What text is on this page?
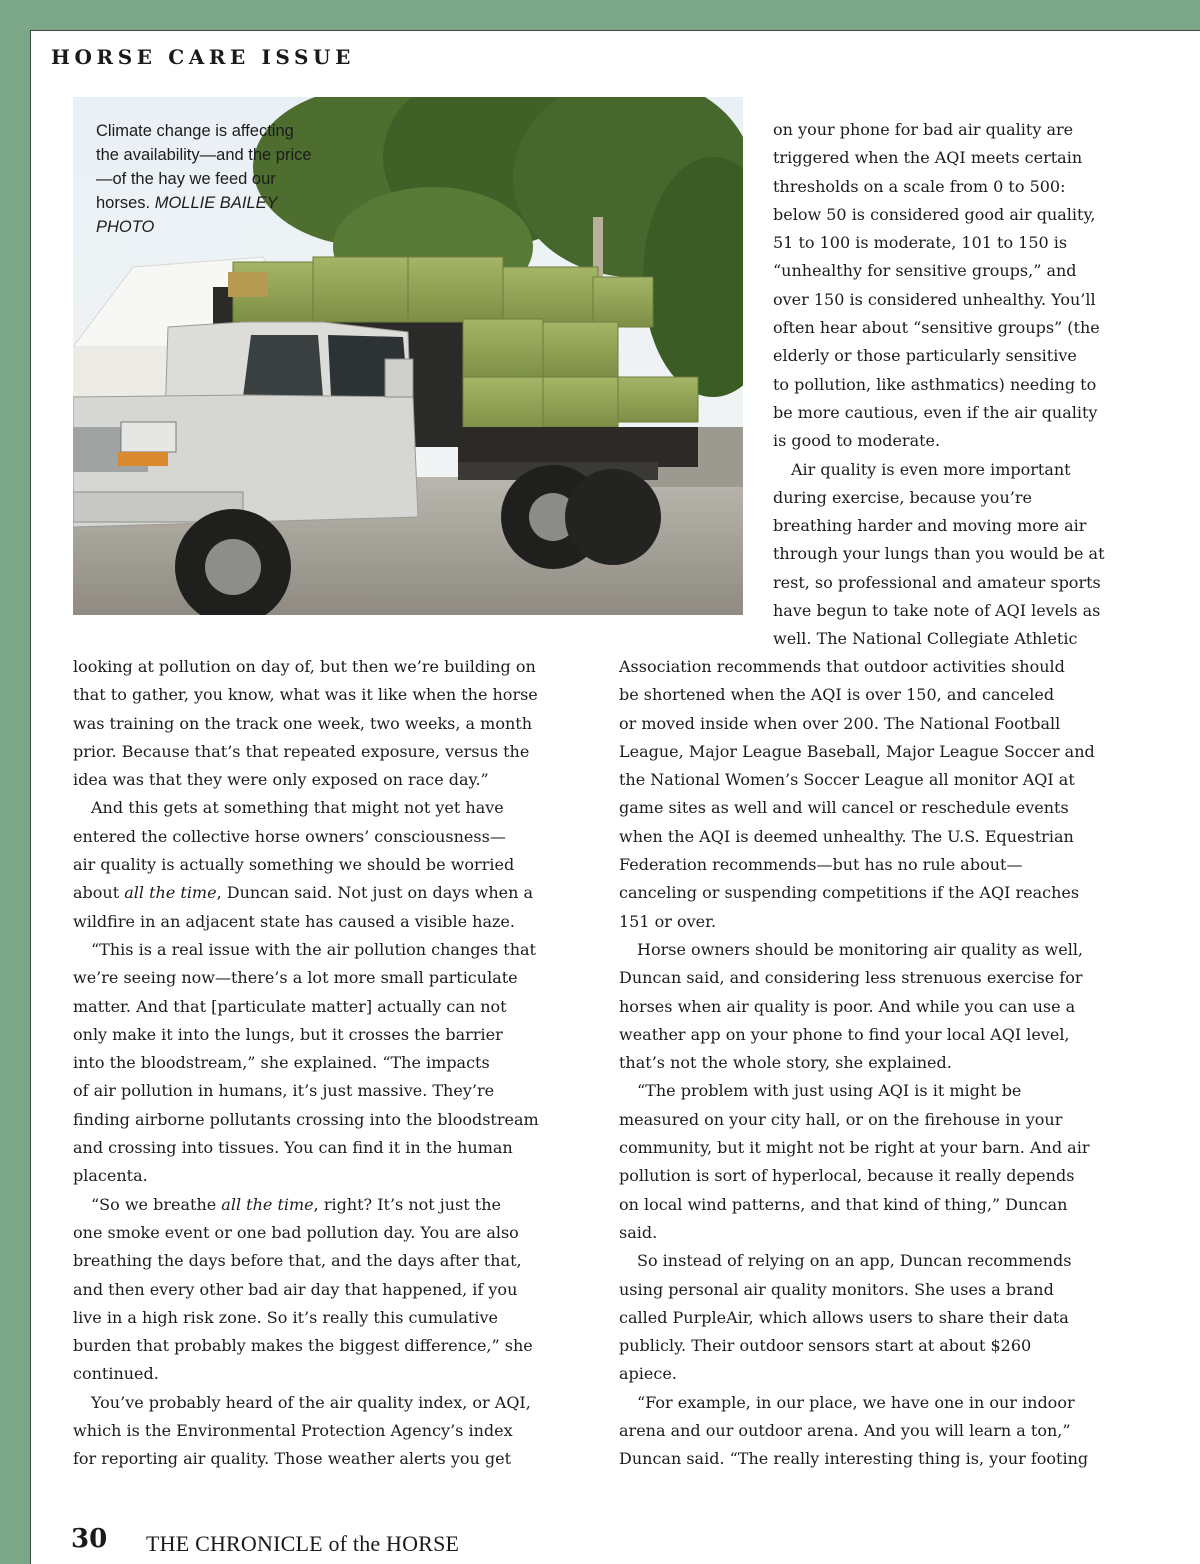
HORSE CARE ISSUE
Climate change is affecting the availability—and the price—of the hay we feed our horses. MOLLIE BAILEY PHOTO

on your phone for bad air quality are

triggered when the AQI meets certain

thresholds on a scale from 0 to 500:

below 50 is considered good air quality,

51 to 100 is moderate, 101 to 150 is

“unhealthy for sensitive groups,” and

over 150 is considered unhealthy. You’ll

often hear about “sensitive groups” (the

elderly or those particularly sensitive

to pollution, like asthmatics) needing to

be more cautious, even if the air quality

is good to moderate.

Air quality is even more important

during exercise, because you’re

breathing harder and moving more air

through your lungs than you would be at

rest, so professional and amateur sports

have begun to take note of AQI levels as

well. The National Collegiate Athletic

looking at pollution on day of, but then we’re building on

that to gather, you know, what was it like when the horse

was training on the track one week, two weeks, a month

prior. Because that’s that repeated exposure, versus the

idea was that they were only exposed on race day.”

And this gets at something that might not yet have

entered the collective horse owners’ consciousness—

air quality is actually something we should be worried

about all the time, Duncan said. Not just on days when a

wildfire in an adjacent state has caused a visible haze.

“This is a real issue with the air pollution changes that

we’re seeing now—there’s a lot more small particulate

matter. And that [particulate matter] actually can not

only make it into the lungs, but it crosses the barrier

into the bloodstream,” she explained. “The impacts

of air pollution in humans, it’s just massive. They’re

finding airborne pollutants crossing into the bloodstream

and crossing into tissues. You can find it in the human

placenta.

“So we breathe all the time, right? It’s not just the

one smoke event or one bad pollution day. You are also

breathing the days before that, and the days after that,

and then every other bad air day that happened, if you

live in a high risk zone. So it’s really this cumulative

burden that probably makes the biggest difference,” she

continued.

You’ve probably heard of the air quality index, or AQI,

which is the Environmental Protection Agency’s index

for reporting air quality. Those weather alerts you get

Association recommends that outdoor activities should

be shortened when the AQI is over 150, and canceled

or moved inside when over 200. The National Football

League, Major League Baseball, Major League Soccer and

the National Women’s Soccer League all monitor AQI at

game sites as well and will cancel or reschedule events

when the AQI is deemed unhealthy. The U.S. Equestrian

Federation recommends—but has no rule about—

canceling or suspending competitions if the AQI reaches

151 or over.

Horse owners should be monitoring air quality as well,

Duncan said, and considering less strenuous exercise for

horses when air quality is poor. And while you can use a

weather app on your phone to find your local AQI level,

that’s not the whole story, she explained.

“The problem with just using AQI is it might be

measured on your city hall, or on the firehouse in your

community, but it might not be right at your barn. And air

pollution is sort of hyperlocal, because it really depends

on local wind patterns, and that kind of thing,” Duncan

said.

So instead of relying on an app, Duncan recommends

using personal air quality monitors. She uses a brand

called PurpleAir, which allows users to share their data

publicly. Their outdoor sensors start at about $260

apiece.

“For example, in our place, we have one in our indoor

arena and our outdoor arena. And you will learn a ton,”

Duncan said. “The really interesting thing is, your footing

30 THE CHRONICLE of the HORSE
